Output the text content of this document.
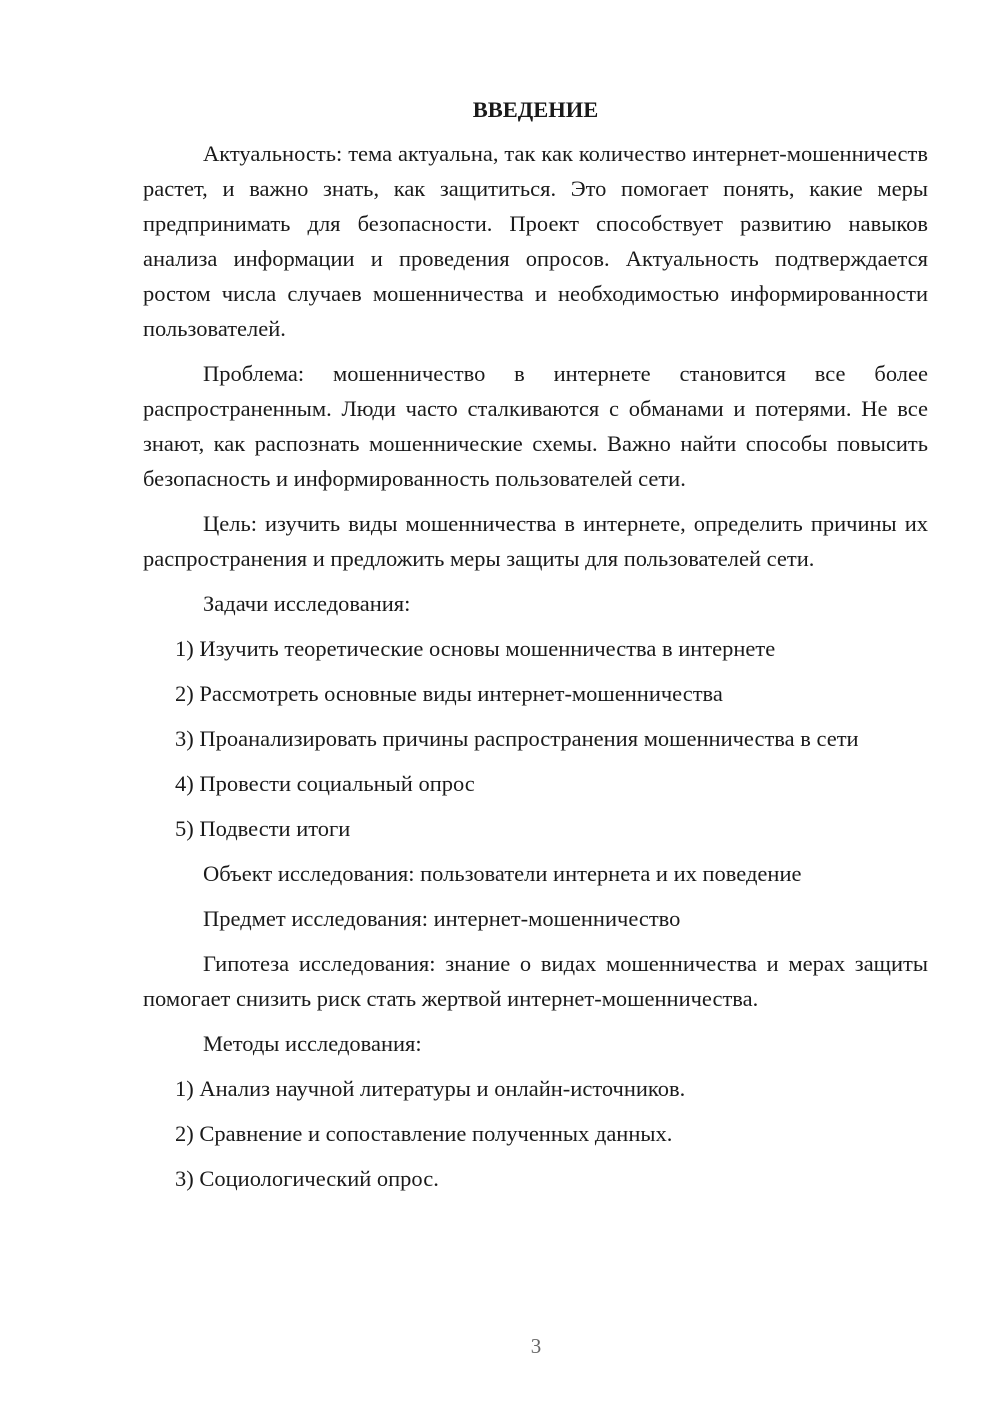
ВВЕДЕНИЕ

Актуальность: тема актуальна, так как количество интернет-мошенничеств растет, и важно знать, как защититься. Это помогает понять, какие меры предпринимать для безопасности. Проект способствует развитию навыков анализа информации и проведения опросов. Актуальность подтверждается ростом числа случаев мошенничества и необходимостью информированности пользователей.

Проблема: мошенничество в интернете становится все более распространенным. Люди часто сталкиваются с обманами и потерями. Не все знают, как распознать мошеннические схемы. Важно найти способы повысить безопасность и информированность пользователей сети.

Цель: изучить виды мошенничества в интернете, определить причины их распространения и предложить меры защиты для пользователей сети.

Задачи исследования:

1) Изучить теоретические основы мошенничества в интернете

2) Рассмотреть основные виды интернет-мошенничества

3) Проанализировать причины распространения мошенничества в сети

4) Провести социальный опрос

5) Подвести итоги

Объект исследования: пользователи интернета и их поведение

Предмет исследования: интернет-мошенничество

Гипотеза исследования: знание о видах мошенничества и мерах защиты помогает снизить риск стать жертвой интернет-мошенничества.

Методы исследования:

1) Анализ научной литературы и онлайн-источников.

2) Сравнение и сопоставление полученных данных.

3) Социологический опрос.

3
